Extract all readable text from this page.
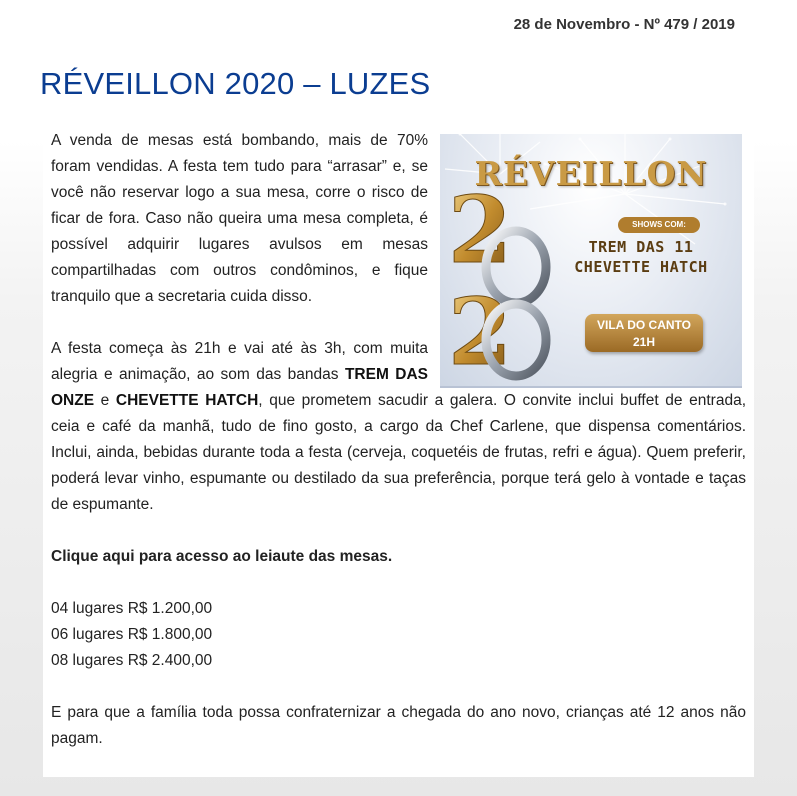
28 de Novembro - Nº 479 / 2019
RÉVEILLON 2020 – LUZES
RÉVEILLON
2
2
SHOWS COM:
TREM DAS 11
CHEVETTE HATCH
VILA DO CANTO
21H

A venda de mesas está bombando, mais de 70% foram vendidas. A festa tem tudo para “arrasar” e, se você não reservar logo a sua mesa, corre o risco de ficar de fora. Caso não queira uma mesa completa, é possível adquirir lugares avulsos em mesas compartilhadas com outros condôminos, e fique tranquilo que a secretaria cuida disso.

A festa começa às 21h e vai até às 3h, com muita alegria e animação, ao som das bandas TREM DAS ONZE e CHEVETTE HATCH, que prometem sacudir a galera. O convite inclui buffet de entrada, ceia e café da manhã, tudo de fino gosto, a cargo da Chef Carlene, que dispensa comentários. Inclui, ainda, bebidas durante toda a festa (cerveja, coquetéis de frutas, refri e água). Quem preferir, poderá levar vinho, espumante ou destilado da sua preferência, porque terá gelo à vontade e taças de espumante.

Clique aqui para acesso ao leiaute das mesas.

04 lugares R$ 1.200,00

06 lugares R$ 1.800,00

08 lugares R$ 2.400,00

E para que a família toda possa confraternizar a chegada do ano novo, crianças até 12 anos não pagam.
